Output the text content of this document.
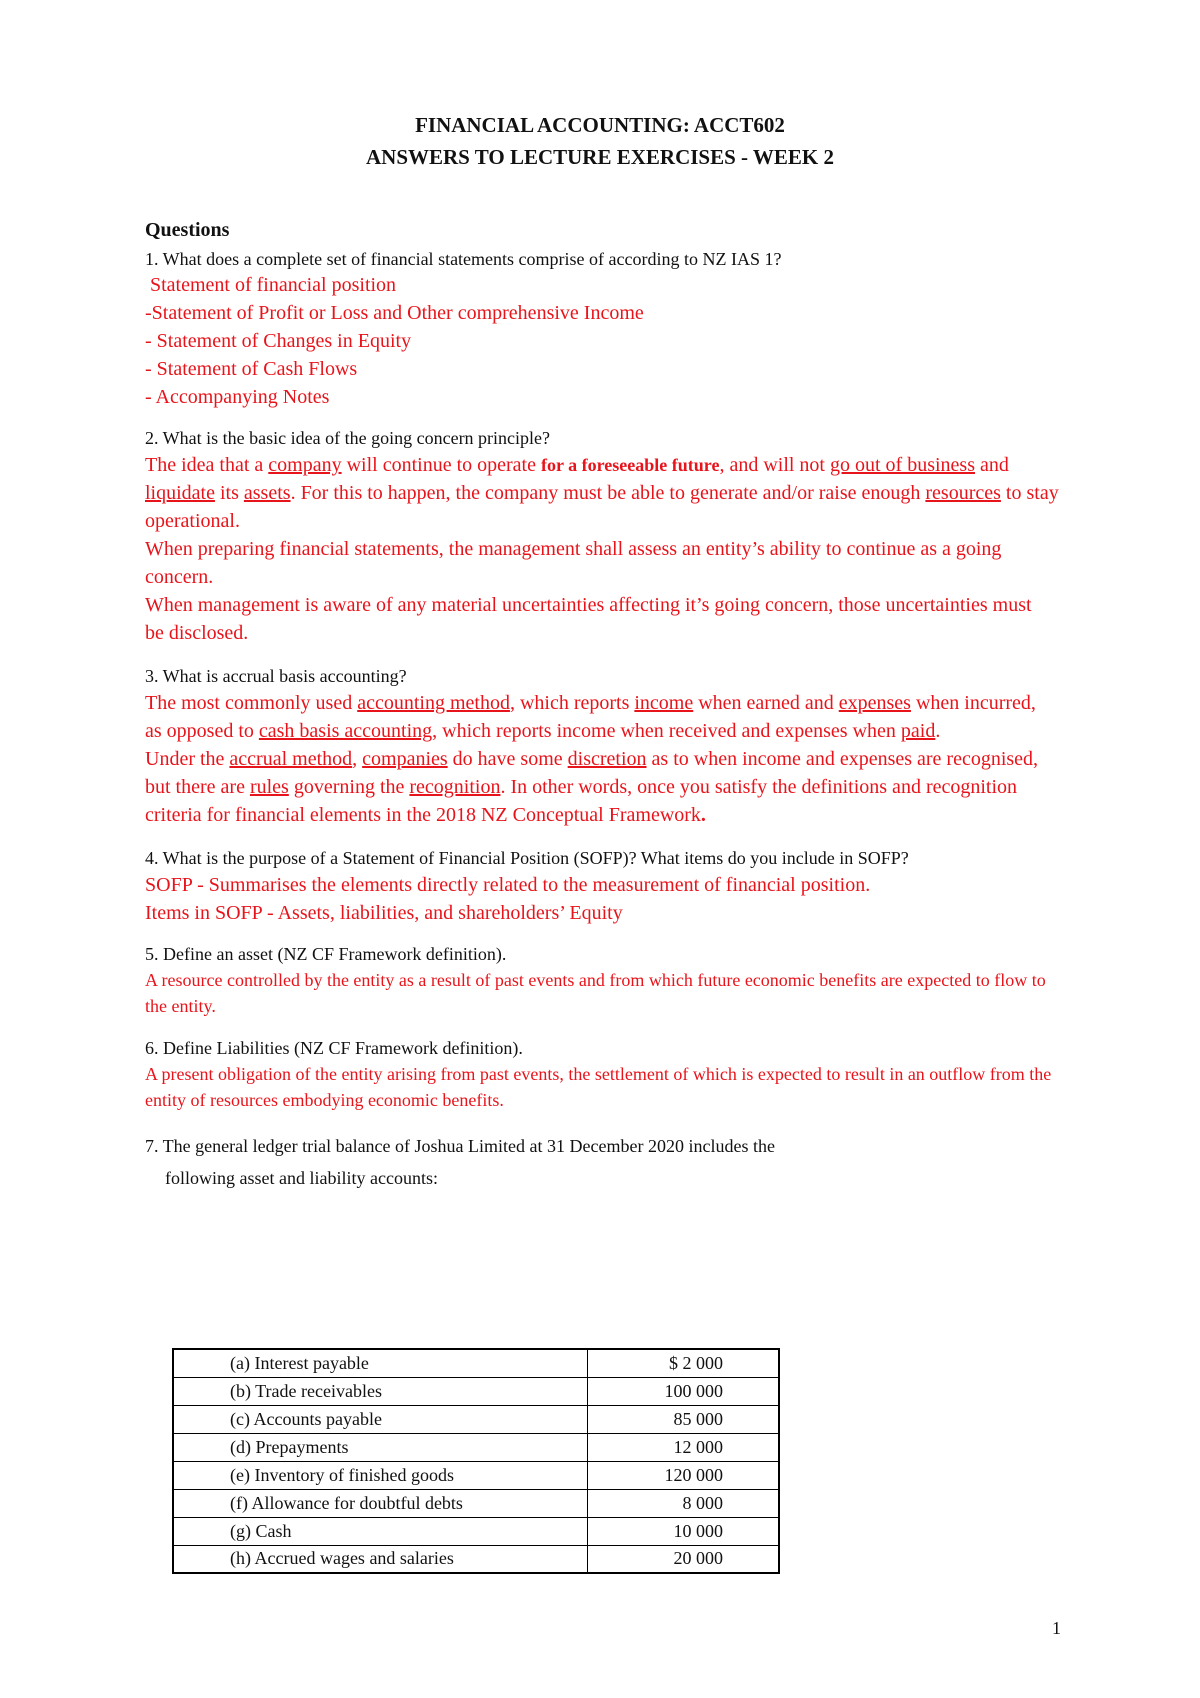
FINANCIAL ACCOUNTING: ACCT602
ANSWERS TO LECTURE EXERCISES - WEEK 2
Questions
1. What does a complete set of financial statements comprise of according to NZ IAS 1?
Statement of financial position
-Statement of Profit or Loss and Other comprehensive Income
- Statement of Changes in Equity
- Statement of Cash Flows
- Accompanying Notes
2. What is the basic idea of the going concern principle?
The idea that a company will continue to operate for a foreseeable future, and will not go out of business and liquidate its assets. For this to happen, the company must be able to generate and/or raise enough resources to stay operational.
When preparing financial statements, the management shall assess an entity’s ability to continue as a going concern.
When management is aware of any material uncertainties affecting it’s going concern, those uncertainties must be disclosed.
3. What is accrual basis accounting?
The most commonly used accounting method, which reports income when earned and expenses when incurred, as opposed to cash basis accounting, which reports income when received and expenses when paid.
Under the accrual method, companies do have some discretion as to when income and expenses are recognised, but there are rules governing the recognition. In other words, once you satisfy the definitions and recognition criteria for financial elements in the 2018 NZ Conceptual Framework.
4. What is the purpose of a Statement of Financial Position (SOFP)? What items do you include in SOFP?
SOFP - Summarises the elements directly related to the measurement of financial position.
Items in SOFP - Assets, liabilities, and shareholders’ Equity
5. Define an asset (NZ CF Framework definition).
A resource controlled by the entity as a result of past events and from which future economic benefits are expected to flow to the entity.
6. Define Liabilities (NZ CF Framework definition).
A present obligation of the entity arising from past events, the settlement of which is expected to result in an outflow from the entity of resources embodying economic benefits.
7. The general ledger trial balance of Joshua Limited at 31 December 2020 includes the
following asset and liability accounts:
(a) Interest payable	$ 2 000
(b) Trade receivables	100 000
(c) Accounts payable	85 000
(d) Prepayments	12 000
(e) Inventory of finished goods	120 000
(f) Allowance for doubtful debts	8 000
(g) Cash	10 000
(h) Accrued wages and salaries	20 000
1
